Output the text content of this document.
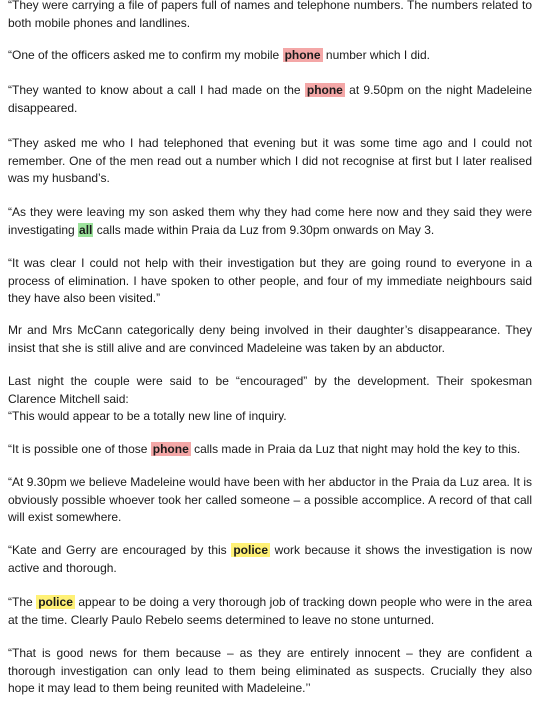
“They were carrying a file of papers full of names and telephone numbers. The numbers related to both mobile phones and landlines.

“One of the officers asked me to confirm my mobile phone number which I did.

“They wanted to know about a call I had made on the phone at 9.50pm on the night Madeleine disappeared.

“They asked me who I had telephoned that evening but it was some time ago and I could not remember. One of the men read out a number which I did not recognise at first but I later realised was my husband’s.

“As they were leaving my son asked them why they had come here now and they said they were investigating all calls made within Praia da Luz from 9.30pm onwards on May 3.

“It was clear I could not help with their investigation but they are going round to everyone in a process of elimination. I have spoken to other people, and four of my immediate neighbours said they have also been visited.”

Mr and Mrs McCann categorically deny being involved in their daughter’s disappearance. They insist that she is still alive and are convinced Madeleine was taken by an abductor.

Last night the couple were said to be “encouraged” by the development. Their spokesman Clarence Mitchell said:
“This would appear to be a totally new line of inquiry.

“It is possible one of those phone calls made in Praia da Luz that night may hold the key to this.

“At 9.30pm we believe Madeleine would have been with her abductor in the Praia da Luz area. It is obviously possible whoever took her called someone – a possible accomplice. A record of that call will exist somewhere.

“Kate and Gerry are encouraged by this police work because it shows the investigation is now active and thorough.

“The police appear to be doing a very thorough job of tracking down people who were in the area at the time. Clearly Paulo Rebelo seems determined to leave no stone unturned.

“That is good news for them because – as they are entirely innocent – they are confident a thorough investigation can only lead to them being eliminated as suspects. Crucially they also hope it may lead to them being reunited with Madeleine.’’
